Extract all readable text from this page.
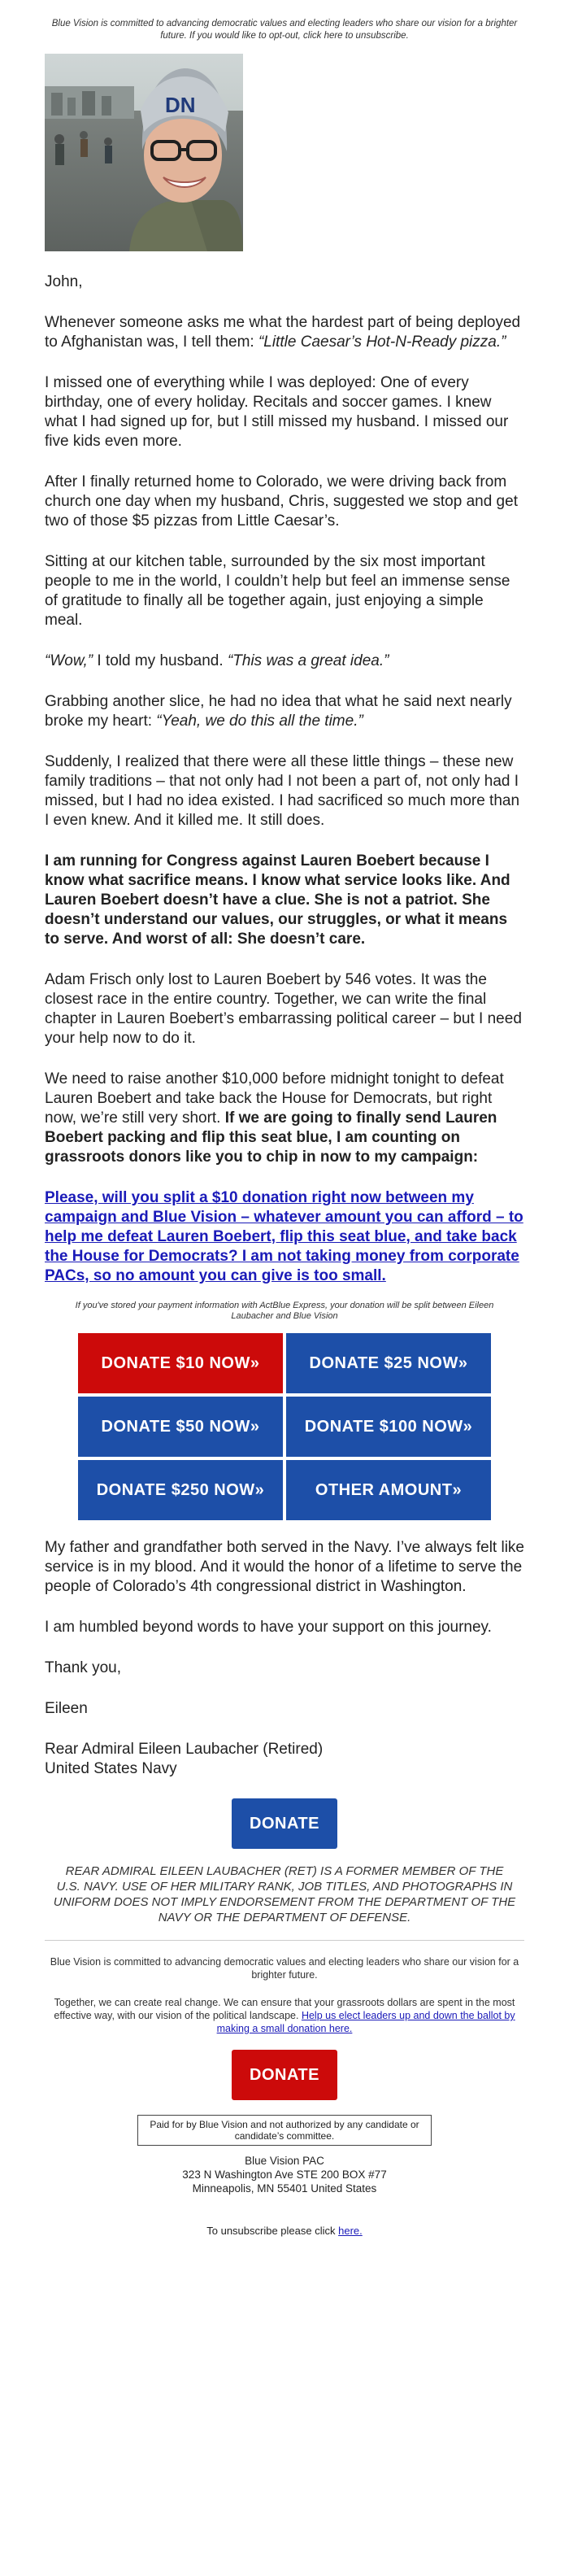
Blue Vision is committed to advancing democratic values and electing leaders who share our vision for a brighter future. If you would like to opt-out, click here to unsubscribe.
DN

John,

Whenever someone asks me what the hardest part of being deployed to Afghanistan was, I tell them: “Little Caesar’s Hot-N-Ready pizza.”

I missed one of everything while I was deployed: One of every birthday, one of every holiday. Recitals and soccer games. I knew what I had signed up for, but I still missed my husband. I missed our five kids even more.

After I finally returned home to Colorado, we were driving back from church one day when my husband, Chris, suggested we stop and get two of those $5 pizzas from Little Caesar’s.

Sitting at our kitchen table, surrounded by the six most important people to me in the world, I couldn’t help but feel an immense sense of gratitude to finally all be together again, just enjoying a simple meal.

“Wow,” I told my husband. “This was a great idea.”

Grabbing another slice, he had no idea that what he said next nearly broke my heart: “Yeah, we do this all the time.”

Suddenly, I realized that there were all these little things – these new family traditions – that not only had I not been a part of, not only had I missed, but I had no idea existed. I had sacrificed so much more than I even knew. And it killed me. It still does.

I am running for Congress against Lauren Boebert because I know what sacrifice means. I know what service looks like. And Lauren Boebert doesn’t have a clue. She is not a patriot. She doesn’t understand our values, our struggles, or what it means to serve. And worst of all: She doesn’t care.

Adam Frisch only lost to Lauren Boebert by 546 votes. It was the closest race in the entire country. Together, we can write the final chapter in Lauren Boebert’s embarrassing political career – but I need your help now to do it.

We need to raise another $10,000 before midnight tonight to defeat Lauren Boebert and take back the House for Democrats, but right now, we’re still very short. If we are going to finally send Lauren Boebert packing and flip this seat blue, I am counting on grassroots donors like you to chip in now to my campaign:

Please, will you split a $10 donation right now between my campaign and Blue Vision – whatever amount you can afford – to help me defeat Lauren Boebert, flip this seat blue, and take back the House for Democrats? I am not taking money from corporate PACs, so no amount you can give is too small.

If you've stored your payment information with ActBlue Express, your donation will be split between Eileen Laubacher and Blue Vision
DONATE $10 NOW»	DONATE $25 NOW»
DONATE $50 NOW»	DONATE $100 NOW»
DONATE $250 NOW»	OTHER AMOUNT»

My father and grandfather both served in the Navy. I’ve always felt like service is in my blood. And it would the honor of a lifetime to serve the people of Colorado’s 4th congressional district in Washington.

I am humbled beyond words to have your support on this journey.

Thank you,

Eileen

Rear Admiral Eileen Laubacher (Retired)
United States Navy

DONATE
REAR ADMIRAL EILEEN LAUBACHER (RET) IS A FORMER MEMBER OF THE U.S. NAVY. USE OF HER MILITARY RANK, JOB TITLES, AND PHOTOGRAPHS IN UNIFORM DOES NOT IMPLY ENDORSEMENT FROM THE DEPARTMENT OF THE NAVY OR THE DEPARTMENT OF DEFENSE.
Blue Vision is committed to advancing democratic values and electing leaders who share our vision for a brighter future.
Together, we can create real change. We can ensure that your grassroots dollars are spent in the most effective way, with our vision of the political landscape. Help us elect leaders up and down the ballot by making a small donation here.
DONATE
Paid for by Blue Vision and not authorized by any candidate or candidate’s committee.
Blue Vision PAC
323 N Washington Ave STE 200 BOX #77
Minneapolis, MN 55401 United States
To unsubscribe please click here.
